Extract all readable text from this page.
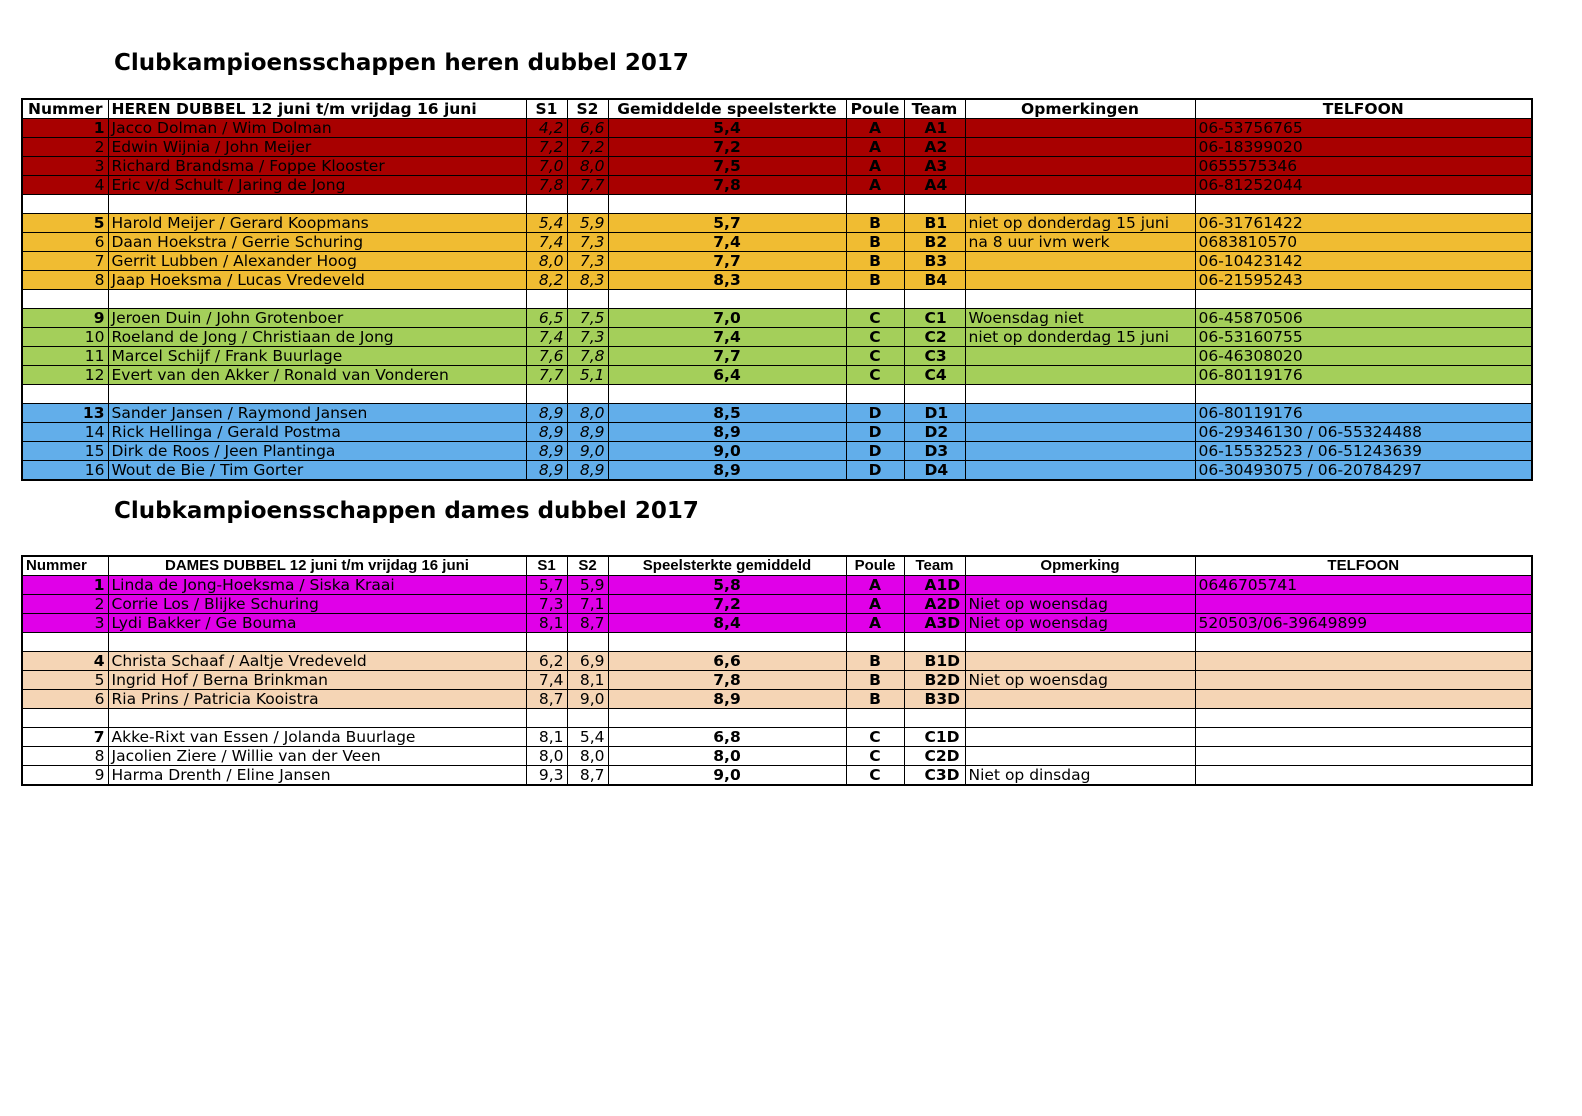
Clubkampioensschappen heren dubbel 2017
Nummer	HEREN DUBBEL 12 juni t/m vrijdag 16 juni	S1	S2	Gemiddelde speelsterkte	Poule	Team	Opmerkingen	TELFOON
1	Jacco Dolman / Wim Dolman	4,2	6,6	5,4	A	A1		06-53756765
2	Edwin Wijnia / John Meijer	7,2	7,2	7,2	A	A2		06-18399020
3	Richard Brandsma / Foppe Klooster	7,0	8,0	7,5	A	A3		0655575346
4	Eric v/d Schult / Jaring de Jong	7,8	7,7	7,8	A	A4		06-81252044

5	Harold Meijer / Gerard Koopmans	5,4	5,9	5,7	B	B1	niet op donderdag 15 juni	06-31761422
6	Daan Hoekstra / Gerrie Schuring	7,4	7,3	7,4	B	B2	na 8 uur ivm werk	0683810570
7	Gerrit Lubben / Alexander Hoog	8,0	7,3	7,7	B	B3		06-10423142
8	Jaap Hoeksma / Lucas Vredeveld	8,2	8,3	8,3	B	B4		06-21595243

9	Jeroen Duin / John Grotenboer	6,5	7,5	7,0	C	C1	Woensdag niet	06-45870506
10	Roeland de Jong / Christiaan de Jong	7,4	7,3	7,4	C	C2	niet op donderdag 15 juni	06-53160755
11	Marcel Schijf / Frank Buurlage	7,6	7,8	7,7	C	C3		06-46308020
12	Evert van den Akker / Ronald van Vonderen	7,7	5,1	6,4	C	C4		06-80119176

13	Sander Jansen / Raymond Jansen	8,9	8,0	8,5	D	D1		06-80119176
14	Rick Hellinga / Gerald Postma	8,9	8,9	8,9	D	D2		06-29346130 / 06-55324488
15	Dirk de Roos / Jeen Plantinga	8,9	9,0	9,0	D	D3		06-15532523 / 06-51243639
16	Wout de Bie / Tim Gorter	8,9	8,9	8,9	D	D4		06-30493075 / 06-20784297
Clubkampioensschappen dames dubbel 2017
Nummer	DAMES DUBBEL 12 juni t/m vrijdag 16 juni	S1	S2	Speelsterkte gemiddeld	Poule	Team	Opmerking	TELFOON
1	Linda de Jong-Hoeksma / Siska Kraai	5,7	5,9	5,8	A	A1D		0646705741
2	Corrie Los / Blijke Schuring	7,3	7,1	7,2	A	A2D	Niet op woensdag	
3	Lydi Bakker / Ge Bouma	8,1	8,7	8,4	A	A3D	Niet op woensdag	520503/06-39649899

4	Christa Schaaf / Aaltje Vredeveld	6,2	6,9	6,6	B	B1D		
5	Ingrid Hof / Berna Brinkman	7,4	8,1	7,8	B	B2D	Niet op woensdag	
6	Ria Prins / Patricia Kooistra	8,7	9,0	8,9	B	B3D		

7	Akke-Rixt van Essen / Jolanda Buurlage	8,1	5,4	6,8	C	C1D		
8	Jacolien Ziere / Willie van der Veen	8,0	8,0	8,0	C	C2D		
9	Harma Drenth / Eline Jansen	9,3	8,7	9,0	C	C3D	Niet op dinsdag	
